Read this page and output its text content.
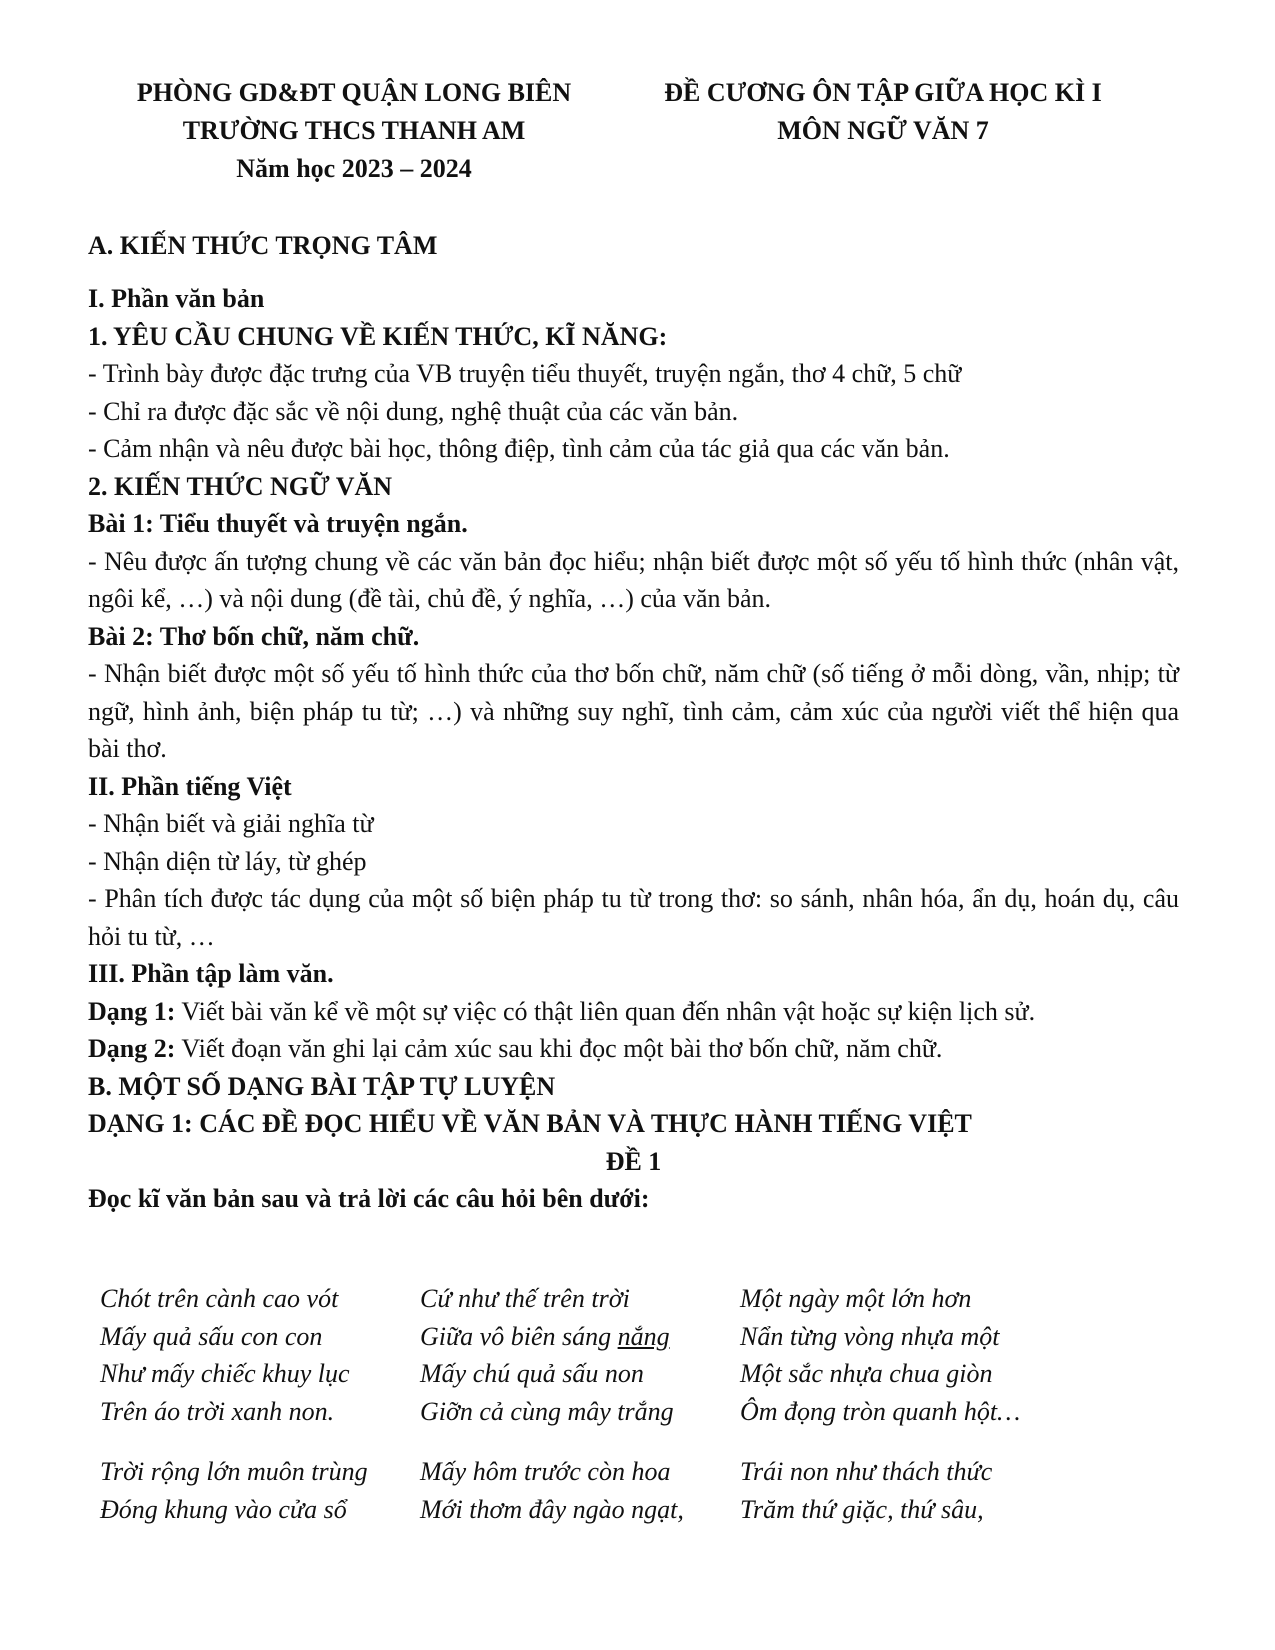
PHÒNG GD&ĐT QUẬN LONG BIÊN
TRƯỜNG THCS THANH AM
Năm học 2023 – 2024
ĐỀ CƯƠNG ÔN TẬP GIỮA HỌC KÌ I
MÔN NGỮ VĂN 7
A. KIẾN THỨC TRỌNG TÂM
I. Phần văn bản
1. YÊU CẦU CHUNG VỀ KIẾN THỨC, KĨ NĂNG:
- Trình bày được đặc trưng của VB truyện tiểu thuyết, truyện ngắn, thơ 4 chữ, 5 chữ
- Chỉ ra được đặc sắc về nội dung, nghệ thuật của các văn bản.
- Cảm nhận và nêu được bài học, thông điệp, tình cảm của tác giả qua các văn bản.
2. KIẾN THỨC NGỮ VĂN
Bài 1: Tiểu thuyết và truyện ngắn.
- Nêu được ấn tượng chung về các văn bản đọc hiểu; nhận biết được một số yếu tố hình thức (nhân vật, ngôi kể, …) và nội dung (đề tài, chủ đề, ý nghĩa, …) của văn bản.
Bài 2: Thơ bốn chữ, năm chữ.
- Nhận biết được một số yếu tố hình thức của thơ bốn chữ, năm chữ (số tiếng ở mỗi dòng, vần, nhịp; từ ngữ, hình ảnh, biện pháp tu từ; …) và những suy nghĩ, tình cảm, cảm xúc của người viết thể hiện qua bài thơ.
II. Phần tiếng Việt
- Nhận biết và giải nghĩa từ
- Nhận diện từ láy, từ ghép
- Phân tích được tác dụng của một số biện pháp tu từ trong thơ: so sánh, nhân hóa, ẩn dụ, hoán dụ, câu hỏi tu từ, …
III. Phần tập làm văn.
Dạng 1: Viết bài văn kể về một sự việc có thật liên quan đến nhân vật hoặc sự kiện lịch sử.
Dạng 2: Viết đoạn văn ghi lại cảm xúc sau khi đọc một bài thơ bốn chữ, năm chữ.
B. MỘT SỐ DẠNG BÀI TẬP TỰ LUYỆN
DẠNG 1: CÁC ĐỀ ĐỌC HIỂU VỀ VĂN BẢN VÀ THỰC HÀNH TIẾNG VIỆT
ĐỀ 1
Đọc kĩ văn bản sau và trả lời các câu hỏi bên dưới:
Chót trên cành cao vót
Mấy quả sấu con con
Như mấy chiếc khuy lục
Trên áo trời xanh non.
Trời rộng lớn muôn trùng
Đóng khung vào cửa sổ
Cứ như thế trên trời
Giữa vô biên sáng nắng
Mấy chú quả sấu non
Giỡn cả cùng mây trắng
Mấy hôm trước còn hoa
Mới thơm đây ngào ngạt,
Một ngày một lớn hơn
Nẩn từng vòng nhựa một
Một sắc nhựa chua giòn
Ôm đọng tròn quanh hột…
Trái non như thách thức
Trăm thứ giặc, thứ sâu,
